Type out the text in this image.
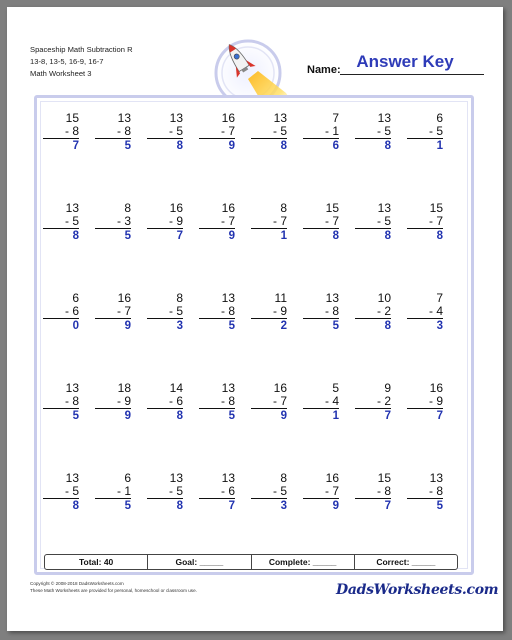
Spaceship Math Subtraction R
13-8, 13-5, 16-9, 16-7
Math Worksheet 3
Answer Key
Name:
15
- 8
7
13
- 8
5
13
- 5
8
16
- 7
9
13
- 5
8
7
- 1
6
13
- 5
8
6
- 5
1
13
- 5
8
8
- 3
5
16
- 9
7
16
- 7
9
8
- 7
1
15
- 7
8
13
- 5
8
15
- 7
8
6
- 6
0
16
- 7
9
8
- 5
3
13
- 8
5
11
- 9
2
13
- 8
5
10
- 2
8
7
- 4
3
13
- 8
5
18
- 9
9
14
- 6
8
13
- 8
5
16
- 7
9
5
- 4
1
9
- 2
7
16
- 9
7
13
- 5
8
6
- 1
5
13
- 5
8
13
- 6
7
8
- 5
3
16
- 7
9
15
- 8
7
13
- 8
5
Total: 40	Goal: _____	Complete: _____	Correct: _____
Copyright © 2008-2018 DadsWorksheets.com
These Math Worksheets are provided for personal, homeschool or classroom use.	DadsWorksheets.com
